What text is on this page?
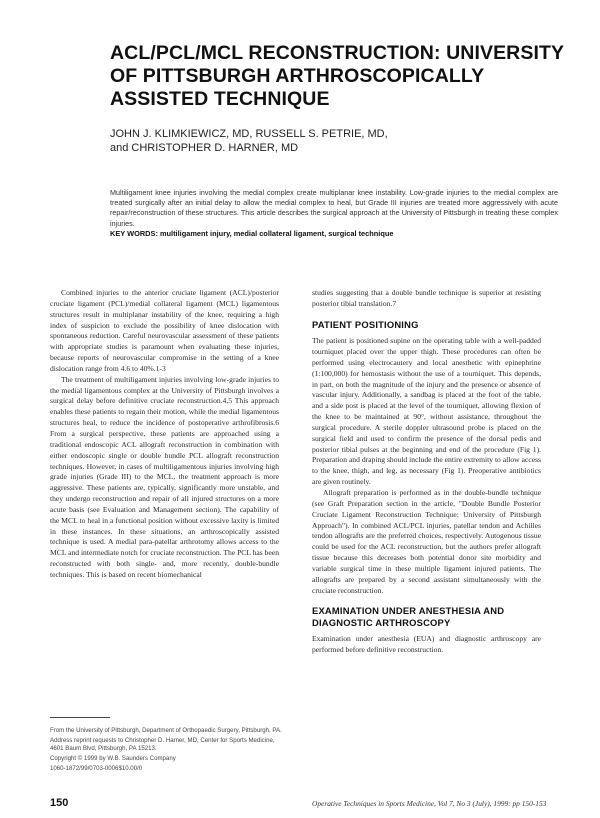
ACL/PCL/MCL RECONSTRUCTION: UNIVERSITY
OF PITTSBURGH ARTHROSCOPICALLY
ASSISTED TECHNIQUE
JOHN J. KLIMKIEWICZ, MD, RUSSELL S. PETRIE, MD,
and CHRISTOPHER D. HARNER, MD
Multiligament knee injuries involving the medial complex create multiplanar knee instability. Low-grade injuries to the medial complex are treated surgically after an initial delay to allow the medial complex to heal, but Grade III injuries are treated more aggressively with acute repair/reconstruction of these structures. This article describes the surgical approach at the University of Pittsburgh in treating these complex injuries.
KEY WORDS: multiligament injury, medial collateral ligament, surgical technique

Combined injuries to the anterior cruciate ligament (ACL)/posterior cruciate ligament (PCL)/medial collateral ligament (MCL) ligamentous structures result in multiplanar instability of the knee, requiring a high index of suspicion to exclude the possibility of knee dislocation with spontaneous reduction. Careful neurovascular assessment of these patients with appropriate studies is paramount when evaluating these injuries, because reports of neurovascular compromise in the setting of a knee dislocation range from 4.6 to 40%.1-3

The treatment of multiligament injuries involving low-grade injuries to the medial ligamentous complex at the University of Pittsburgh involves a surgical delay before definitive cruciate reconstruction.4,5 This approach enables these patients to regain their motion, while the medial ligamentous structures heal, to reduce the incidence of postoperative arthrofibrosis.6 From a surgical perspective, these patients are approached using a traditional endoscopic ACL allograft reconstruction in combination with either endoscopic single or double bundle PCL allograft reconstruction techniques. However, in cases of multiligamentous injuries involving high grade injuries (Grade III) to the MCL, the treatment approach is more aggressive. These patients are, typically, significantly more unstable, and they undergo reconstruction and repair of all injured structures on a more acute basis (see Evaluation and Management section). The capability of the MCL to heal in a functional position without excessive laxity is limited in these instances. In these situations, an arthroscopically assisted technique is used. A medial para-patellar arthrotomy allows access to the MCL and intermediate notch for cruciate reconstruction. The PCL has been reconstructed with both single- and, more recently, double-bundle techniques. This is based on recent biomechanical

studies suggesting that a double bundle technique is superior at resisting posterior tibial translation.7

PATIENT POSITIONING

The patient is positioned supine on the operating table with a well-padded tourniquet placed over the upper thigh. These procedures can often be performed using electrocautery and local anesthetic with epinephrine (1:100,000) for hemostasis without the use of a tourniquet. This depends, in part, on both the magnitude of the injury and the presence or absence of vascular injury. Additionally, a sandbag is placed at the foot of the table, and a side post is placed at the level of the tourniquet, allowing flexion of the knee to be maintained at 90°, without assistance, throughout the surgical procedure. A sterile doppler ultrasound probe is placed on the surgical field and used to confirm the presence of the dorsal pedis and posterior tibial pulses at the beginning and end of the procedure (Fig 1). Preparation and draping should include the entire extremity to allow access to the knee, thigh, and leg, as necessary (Fig 1). Preoperative antibiotics are given routinely.

Allograft preparation is performed as in the double-bundle technique (see Graft Preparation section in the article, "Double Bundle Posterior Cruciate Ligament Reconstruction Technique: University of Pittsburgh Approach"). In combined ACL/PCL injuries, patellar tendon and Achilles tendon allografts are the preferred choices, respectively. Autogenous tissue could be used for the ACL reconstruction, but the authors prefer allograft tissue because this decreases both potential donor site morbidity and variable surgical time in these multiple ligament injured patients. The allografts are prepared by a second assistant simultaneously with the cruciate reconstruction.

EXAMINATION UNDER ANESTHESIA AND
DIAGNOSTIC ARTHROSCOPY

Examination under anesthesia (EUA) and diagnostic arthroscopy are performed before definitive reconstruction.

From the University of Pittsburgh, Department of Orthopaedic Surgery, Pittsburgh, PA.

Address reprint requests to Christopher D. Harner, MD, Center for Sports Medicine, 4601 Baum Blvd, Pittsburgh, PA 15213.

Copyright © 1999 by W.B. Saunders Company

1060-1872/99/0703-0006$10.00/0

150	Operative Techniques in Sports Medicine, Vol 7, No 3 (July), 1999: pp 150-153
